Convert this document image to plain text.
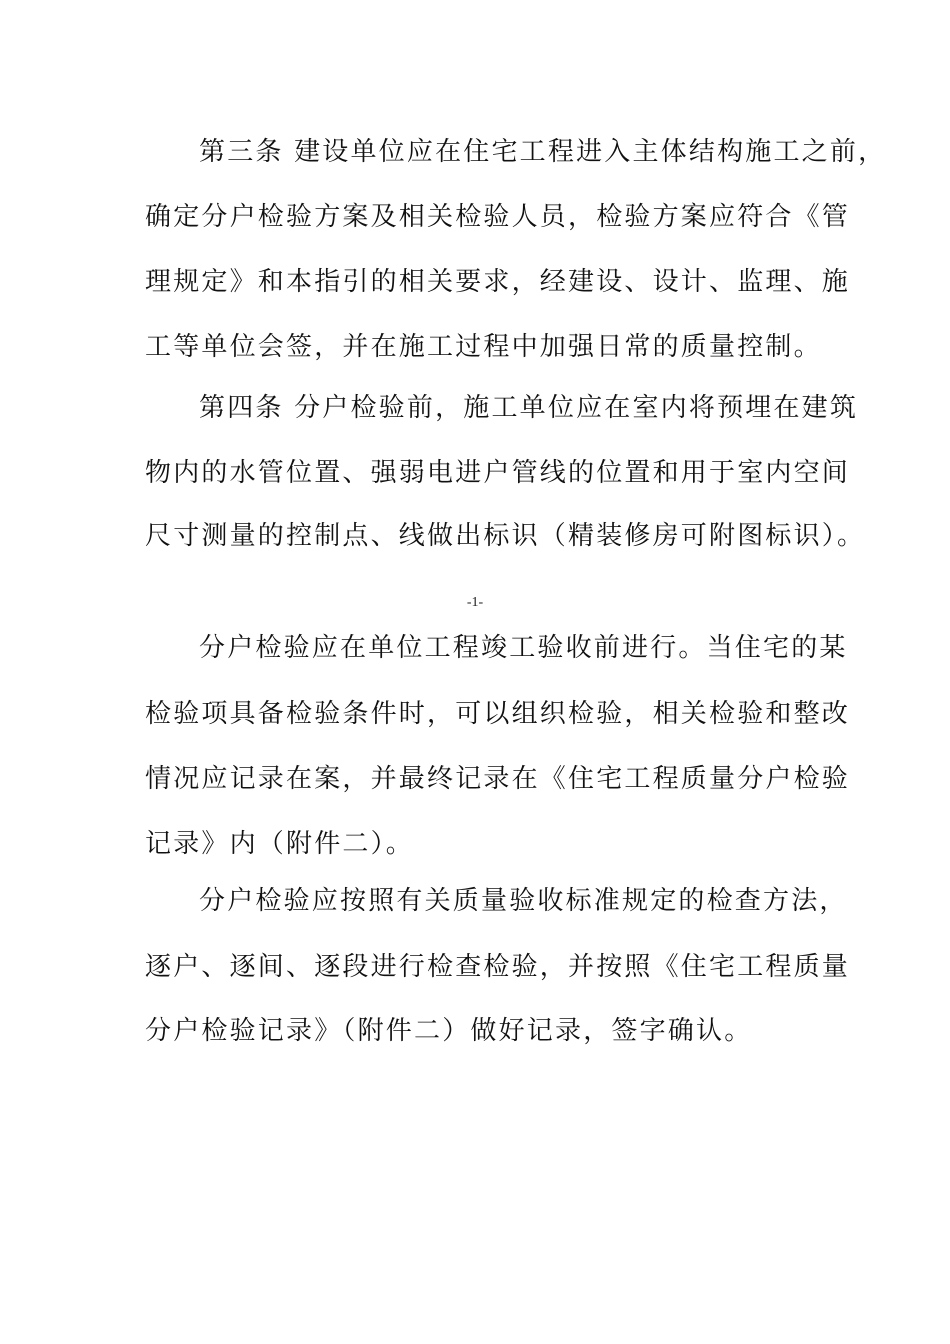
第三条 建设单位应在住宅工程进入主体结构施工之前，
确定分户检验方案及相关检验人员，检验方案应符合《管
理规定》和本指引的相关要求，经建设、设计、监理、施
工等单位会签，并在施工过程中加强日常的质量控制。
第四条 分户检验前，施工单位应在室内将预埋在建筑
物内的水管位置、强弱电进户管线的位置和用于室内空间
尺寸测量的控制点、线做出标识（精装修房可附图标识）。
-1-
分户检验应在单位工程竣工验收前进行。当住宅的某
检验项具备检验条件时，可以组织检验，相关检验和整改
情况应记录在案，并最终记录在《住宅工程质量分户检验
记录》内（附件二）。
分户检验应按照有关质量验收标准规定的检查方法，
逐户、逐间、逐段进行检查检验，并按照《住宅工程质量
分户检验记录》（附件二）做好记录，签字确认。
